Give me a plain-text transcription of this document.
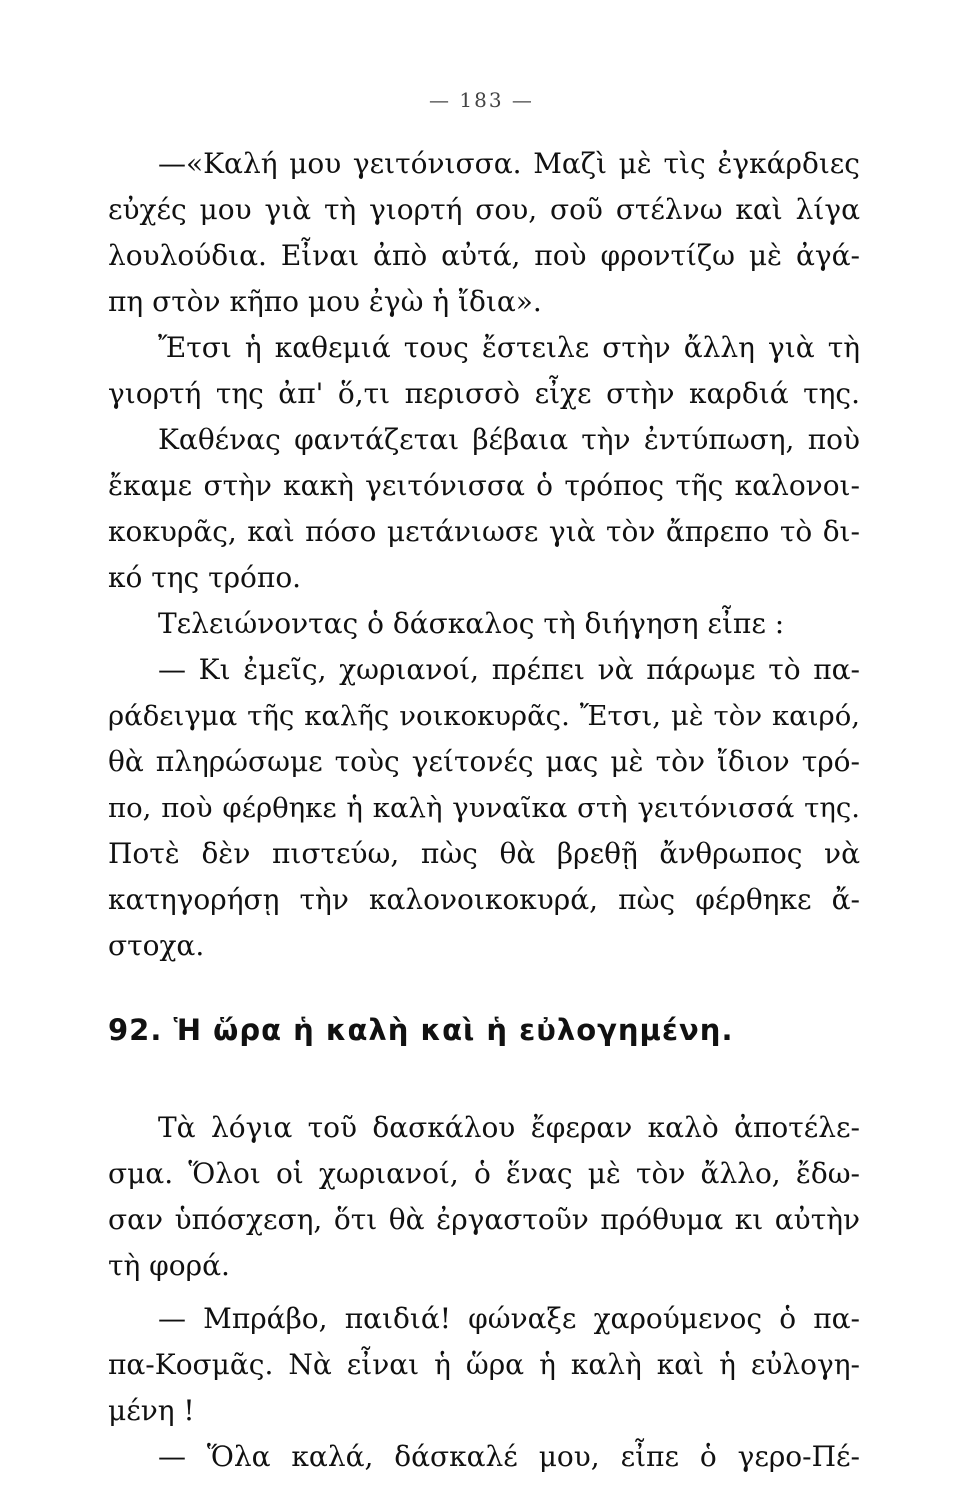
— 183 —
—«Καλή μου γειτόνισσα. Μαζὶ μὲ τὶς ἐγκάρδιες
εὐχές μου γιὰ τὴ γιορτή σου, σοῦ στέλνω καὶ λίγα
λουλούδια. Εἶναι ἀπὸ αὐτά, ποὺ φροντίζω μὲ ἀγά-
πη στὸν κῆπο μου ἐγὼ ἡ ἴδια».
Ἔτσι ἡ καθεμιά τους ἔστειλε στὴν ἄλλη γιὰ τὴ
γιορτή της ἀπ' ὅ,τι περισσὸ εἶχε στὴν καρδιά της.
Καθένας φαντάζεται βέβαια τὴν ἐντύπωση, ποὺ
ἔκαμε στὴν κακὴ γειτόνισσα ὁ τρόπος τῆς καλονοι-
κοκυρᾶς, καὶ πόσο μετάνιωσε γιὰ τὸν ἄπρεπο τὸ δι-
κό της τρόπο.
Τελειώνοντας ὁ δάσκαλος τὴ διήγηση εἶπε :
— Κι ἐμεῖς, χωριανοί, πρέπει νὰ πάρωμε τὸ πα-
ράδειγμα τῆς καλῆς νοικοκυρᾶς. Ἔτσι, μὲ τὸν καιρό,
θὰ πληρώσωμε τοὺς γείτονές μας μὲ τὸν ἴδιον τρό-
πο, ποὺ φέρθηκε ἡ καλὴ γυναῖκα στὴ γειτόνισσά της.
Ποτὲ δὲν πιστεύω, πὼς θὰ βρεθῇ ἄνθρωπος νὰ
κατηγορήσῃ τὴν καλονοικοκυρά, πὼς φέρθηκε ἄ-
στοχα.
92. Ἡ ὥρα ἡ καλὴ καὶ ἡ εὐλογημένη.
Τὰ λόγια τοῦ δασκάλου ἔφεραν καλὸ ἀποτέλε-
σμα. Ὅλοι οἱ χωριανοί, ὁ ἕνας μὲ τὸν ἄλλο, ἔδω-
σαν ὑπόσχεση, ὅτι θὰ ἐργαστοῦν πρόθυμα κι αὐτὴν
τὴ φορά.
— Μπράβο, παιδιά! φώναξε χαρούμενος ὁ πα-
πα-Κοσμᾶς. Νὰ εἶναι ἡ ὥρα ἡ καλὴ καὶ ἡ εὐλογη-
μένη !
— Ὅλα καλά, δάσκαλέ μου, εἶπε ὁ γερο-Πέ-
